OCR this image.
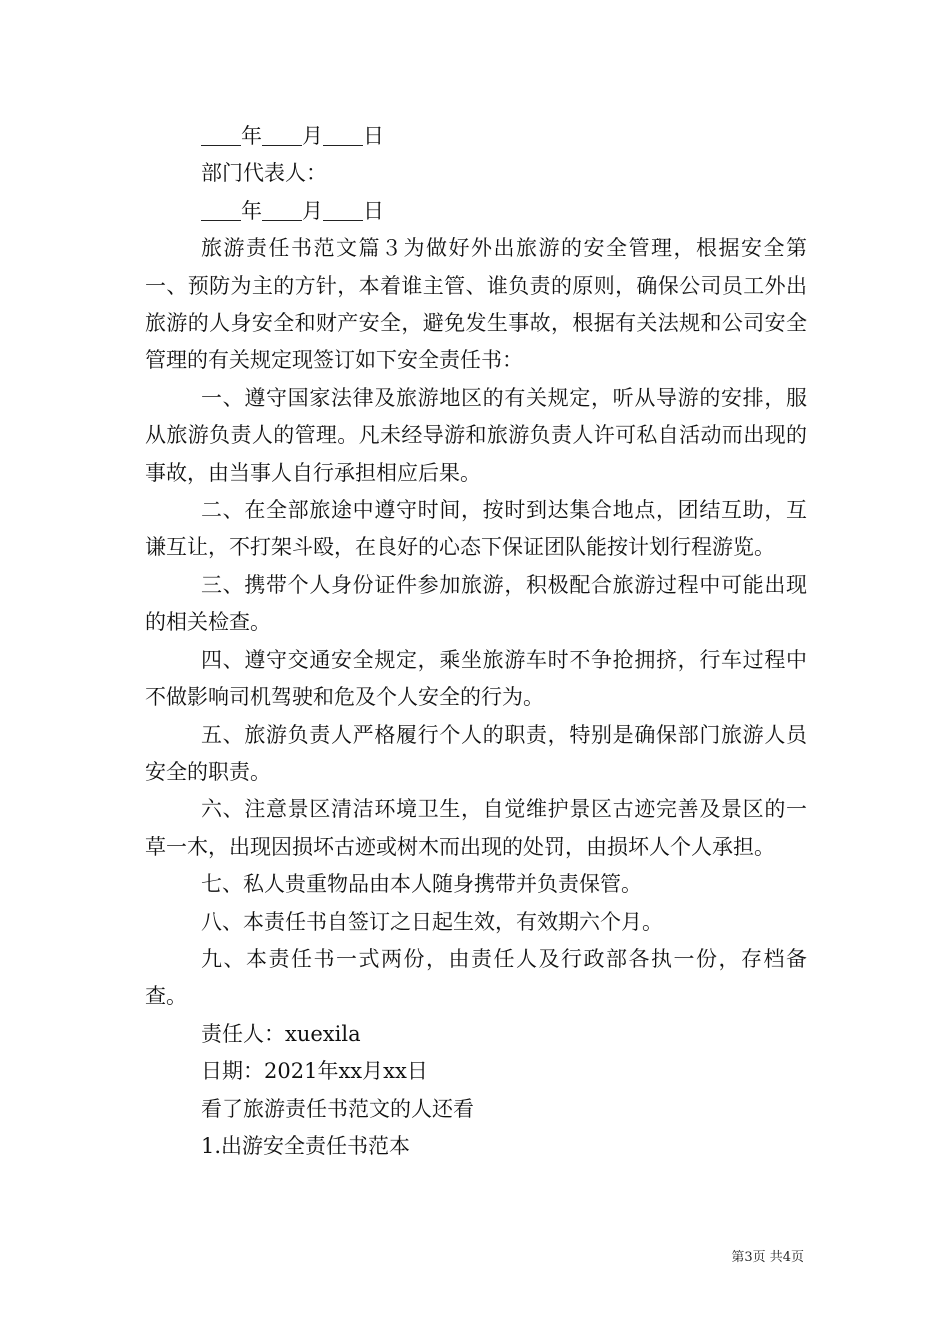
年 月 日

部门代表人：

年 月 日

旅游责任书范文篇３为做好外出旅游的安全管理，根据安全第一、预防为主的方针，本着谁主管、谁负责的原则，确保公司员工外出旅游的人身安全和财产安全，避免发生事故，根据有关法规和公司安全管理的有关规定现签订如下安全责任书：

一、遵守国家法律及旅游地区的有关规定，听从导游的安排，服从旅游负责人的管理。凡未经导游和旅游负责人许可私自活动而出现的事故，由当事人自行承担相应后果。

二、在全部旅途中遵守时间，按时到达集合地点，团结互助，互谦互让，不打架斗殴，在良好的心态下保证团队能按计划行程游览。

三、携带个人身份证件参加旅游，积极配合旅游过程中可能出现的相关检查。

四、遵守交通安全规定，乘坐旅游车时不争抢拥挤，行车过程中不做影响司机驾驶和危及个人安全的行为。

五、旅游负责人严格履行个人的职责，特别是确保部门旅游人员安全的职责。

六、注意景区清洁环境卫生，自觉维护景区古迹完善及景区的一草一木，出现因损坏古迹或树木而出现的处罚，由损坏人个人承担。

七、私人贵重物品由本人随身携带并负责保管。

八、本责任书自签订之日起生效，有效期六个月。

九、本责任书一式两份，由责任人及行政部各执一份，存档备查。

责任人：xuexila

日期：2021年xx月xx日

看了旅游责任书范文的人还看

1.出游安全责任书范本

第3页 共4页
